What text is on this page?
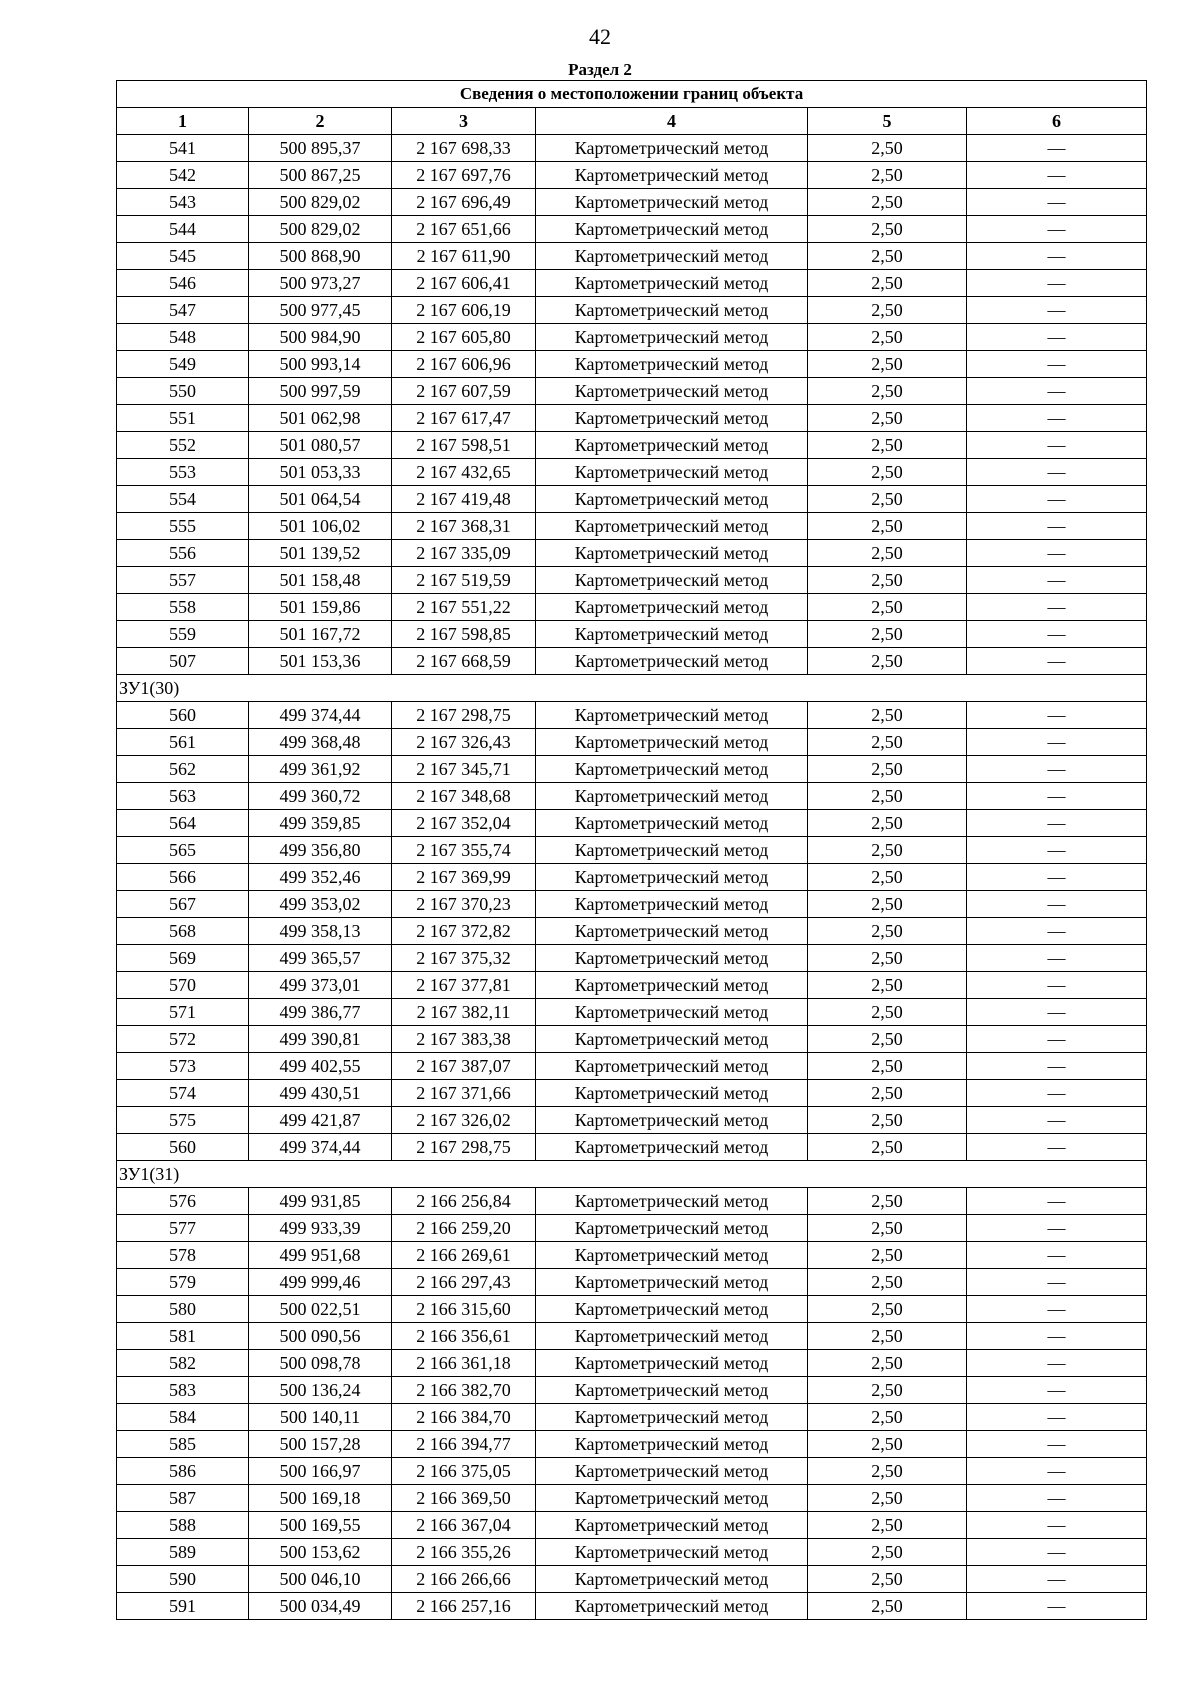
42
Раздел 2
Сведения о местоположении границ объекта					
1	2	3	4	5	6
541	500 895,37	2 167 698,33	Картометрический метод	2,50	—
542	500 867,25	2 167 697,76	Картометрический метод	2,50	—
543	500 829,02	2 167 696,49	Картометрический метод	2,50	—
544	500 829,02	2 167 651,66	Картометрический метод	2,50	—
545	500 868,90	2 167 611,90	Картометрический метод	2,50	—
546	500 973,27	2 167 606,41	Картометрический метод	2,50	—
547	500 977,45	2 167 606,19	Картометрический метод	2,50	—
548	500 984,90	2 167 605,80	Картометрический метод	2,50	—
549	500 993,14	2 167 606,96	Картометрический метод	2,50	—
550	500 997,59	2 167 607,59	Картометрический метод	2,50	—
551	501 062,98	2 167 617,47	Картометрический метод	2,50	—
552	501 080,57	2 167 598,51	Картометрический метод	2,50	—
553	501 053,33	2 167 432,65	Картометрический метод	2,50	—
554	501 064,54	2 167 419,48	Картометрический метод	2,50	—
555	501 106,02	2 167 368,31	Картометрический метод	2,50	—
556	501 139,52	2 167 335,09	Картометрический метод	2,50	—
557	501 158,48	2 167 519,59	Картометрический метод	2,50	—
558	501 159,86	2 167 551,22	Картометрический метод	2,50	—
559	501 167,72	2 167 598,85	Картометрический метод	2,50	—
507	501 153,36	2 167 668,59	Картометрический метод	2,50	—
ЗУ1(30)					
560	499 374,44	2 167 298,75	Картометрический метод	2,50	—
561	499 368,48	2 167 326,43	Картометрический метод	2,50	—
562	499 361,92	2 167 345,71	Картометрический метод	2,50	—
563	499 360,72	2 167 348,68	Картометрический метод	2,50	—
564	499 359,85	2 167 352,04	Картометрический метод	2,50	—
565	499 356,80	2 167 355,74	Картометрический метод	2,50	—
566	499 352,46	2 167 369,99	Картометрический метод	2,50	—
567	499 353,02	2 167 370,23	Картометрический метод	2,50	—
568	499 358,13	2 167 372,82	Картометрический метод	2,50	—
569	499 365,57	2 167 375,32	Картометрический метод	2,50	—
570	499 373,01	2 167 377,81	Картометрический метод	2,50	—
571	499 386,77	2 167 382,11	Картометрический метод	2,50	—
572	499 390,81	2 167 383,38	Картометрический метод	2,50	—
573	499 402,55	2 167 387,07	Картометрический метод	2,50	—
574	499 430,51	2 167 371,66	Картометрический метод	2,50	—
575	499 421,87	2 167 326,02	Картометрический метод	2,50	—
560	499 374,44	2 167 298,75	Картометрический метод	2,50	—
ЗУ1(31)					
576	499 931,85	2 166 256,84	Картометрический метод	2,50	—
577	499 933,39	2 166 259,20	Картометрический метод	2,50	—
578	499 951,68	2 166 269,61	Картометрический метод	2,50	—
579	499 999,46	2 166 297,43	Картометрический метод	2,50	—
580	500 022,51	2 166 315,60	Картометрический метод	2,50	—
581	500 090,56	2 166 356,61	Картометрический метод	2,50	—
582	500 098,78	2 166 361,18	Картометрический метод	2,50	—
583	500 136,24	2 166 382,70	Картометрический метод	2,50	—
584	500 140,11	2 166 384,70	Картометрический метод	2,50	—
585	500 157,28	2 166 394,77	Картометрический метод	2,50	—
586	500 166,97	2 166 375,05	Картометрический метод	2,50	—
587	500 169,18	2 166 369,50	Картометрический метод	2,50	—
588	500 169,55	2 166 367,04	Картометрический метод	2,50	—
589	500 153,62	2 166 355,26	Картометрический метод	2,50	—
590	500 046,10	2 166 266,66	Картометрический метод	2,50	—
591	500 034,49	2 166 257,16	Картометрический метод	2,50	—
